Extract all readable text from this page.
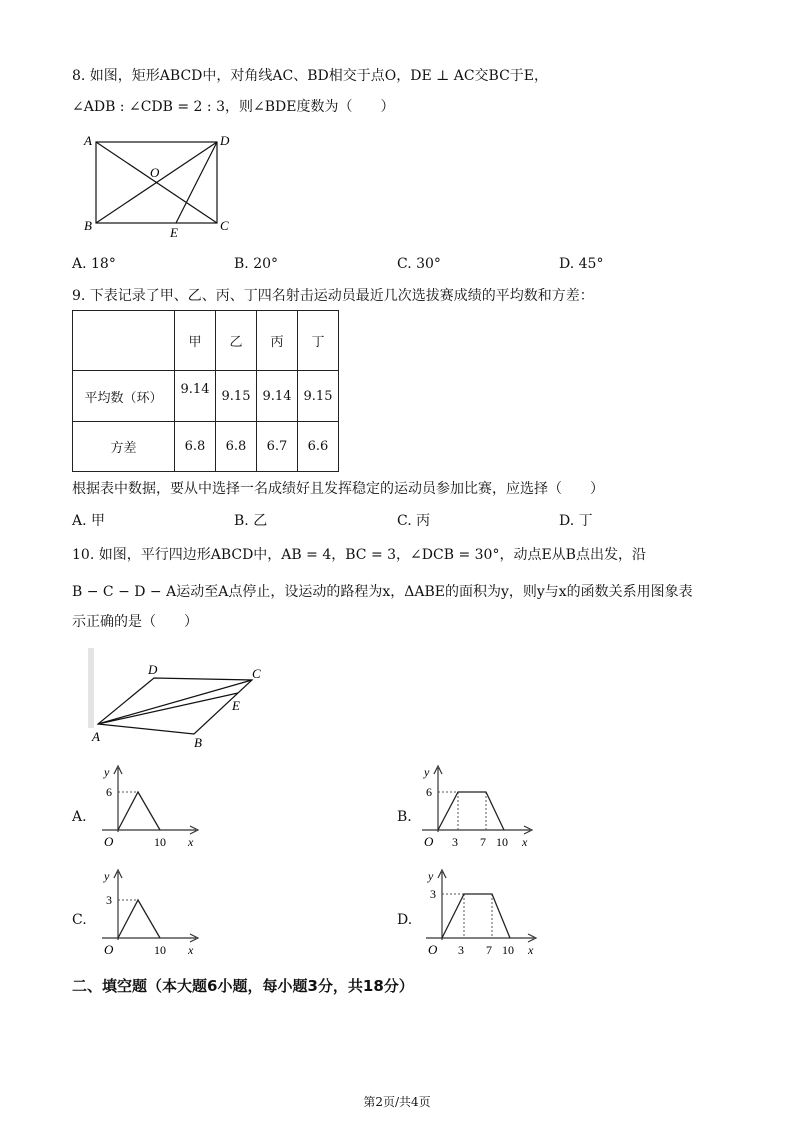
8. 如图，矩形ABCD中，对角线AC、BD相交于点O，DE ⊥ AC交BC于E，
∠ADB : ∠CDB = 2 : 3，则∠BDE度数为（　　）
A	D
B	C
O
E
A. 18°	B. 20°	C. 30°	D. 45°
9. 下表记录了甲、乙、丙、丁四名射击运动员最近几次选拔赛成绩的平均数和方差：
	甲	乙	丙	丁
平均数（环）	9.14	9.15	9.14	9.15
方差	6.8	6.8	6.7	6.6
根据表中数据，要从中选择一名成绩好且发挥稳定的运动员参加比赛，应选择（　　）
A. 甲	B. 乙	C. 丙	D. 丁
10. 如图，平行四边形ABCD中，AB = 4，BC = 3，∠DCB = 30°，动点E从B点出发，沿
B − C − D − A运动至A点停止，设运动的路程为x，ΔABE的面积为y，则y与x的函数关系用图象表
示正确的是（　　）
A	B
C
D
E
A.
y
6
O	10 x
B.
y
6
O 3 7 10 x
C.
y
3
O	10 x
D.
y
3
O 3 7 10 x
二、填空题（本大题6小题，每小题3分，共18分）
第2页/共4页
